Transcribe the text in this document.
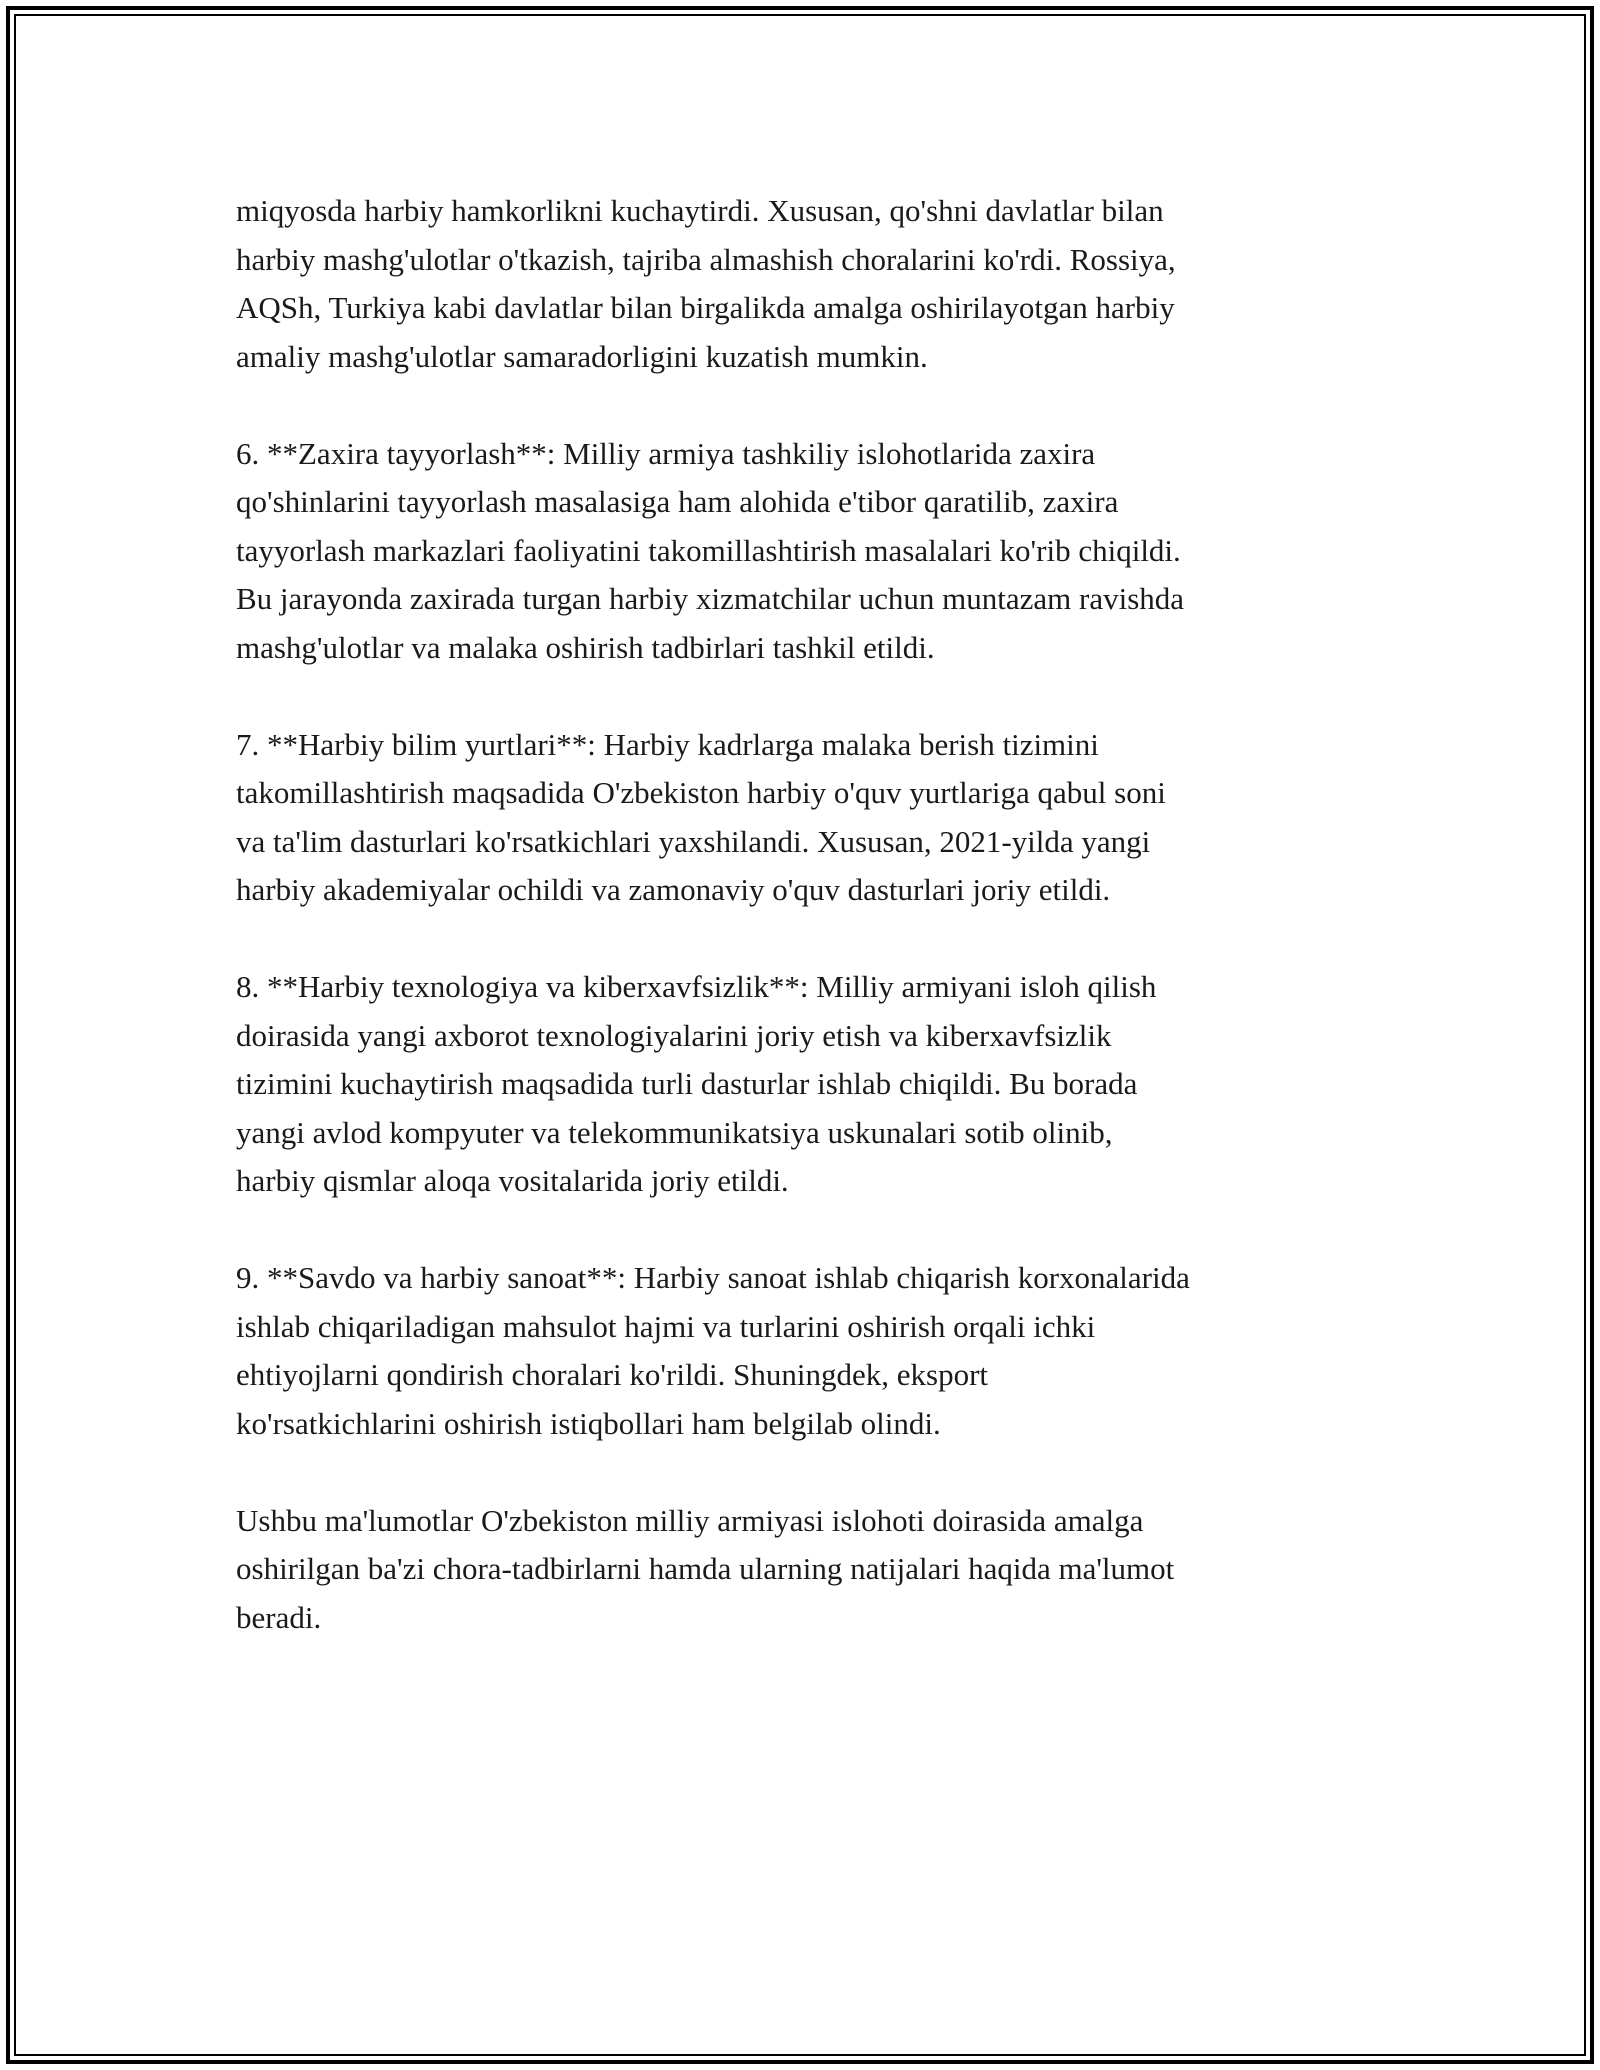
miqyosda harbiy hamkorlikni kuchaytirdi. Xususan, qo'shni davlatlar bilan
harbiy mashg'ulotlar o'tkazish, tajriba almashish choralarini ko'rdi. Rossiya,
AQSh, Turkiya kabi davlatlar bilan birgalikda amalga oshirilayotgan harbiy
amaliy mashg'ulotlar samaradorligini kuzatish mumkin.

6. **Zaxira tayyorlash**: Milliy armiya tashkiliy islohotlarida zaxira
qo'shinlarini tayyorlash masalasiga ham alohida e'tibor qaratilib, zaxira
tayyorlash markazlari faoliyatini takomillashtirish masalalari ko'rib chiqildi.
Bu jarayonda zaxirada turgan harbiy xizmatchilar uchun muntazam ravishda
mashg'ulotlar va malaka oshirish tadbirlari tashkil etildi.

7. **Harbiy bilim yurtlari**: Harbiy kadrlarga malaka berish tizimini
takomillashtirish maqsadida O'zbekiston harbiy o'quv yurtlariga qabul soni
va ta'lim dasturlari ko'rsatkichlari yaxshilandi. Xususan, 2021-yilda yangi
harbiy akademiyalar ochildi va zamonaviy o'quv dasturlari joriy etildi.

8. **Harbiy texnologiya va kiberxavfsizlik**: Milliy armiyani isloh qilish
doirasida yangi axborot texnologiyalarini joriy etish va kiberxavfsizlik
tizimini kuchaytirish maqsadida turli dasturlar ishlab chiqildi. Bu borada
yangi avlod kompyuter va telekommunikatsiya uskunalari sotib olinib,
harbiy qismlar aloqa vositalarida joriy etildi.

9. **Savdo va harbiy sanoat**: Harbiy sanoat ishlab chiqarish korxonalarida
ishlab chiqariladigan mahsulot hajmi va turlarini oshirish orqali ichki
ehtiyojlarni qondirish choralari ko'rildi. Shuningdek, eksport
ko'rsatkichlarini oshirish istiqbollari ham belgilab olindi.

Ushbu ma'lumotlar O'zbekiston milliy armiyasi islohoti doirasida amalga
oshirilgan ba'zi chora-tadbirlarni hamda ularning natijalari haqida ma'lumot
beradi.
